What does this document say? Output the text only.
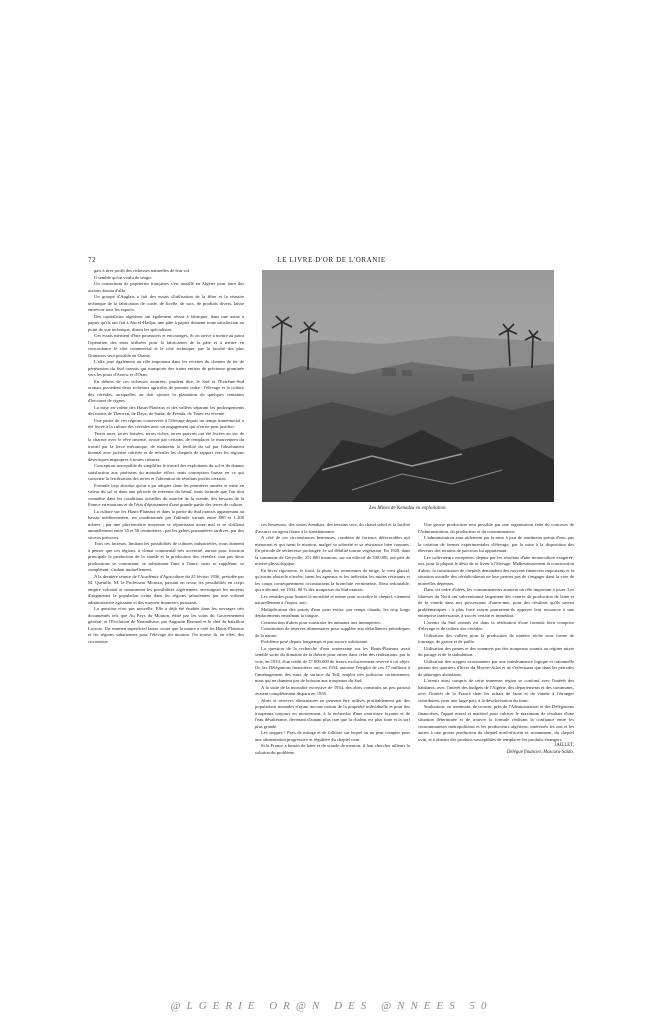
72	LE LIVRE D'OR DE L'ORANIE

gais à tirer profit des richesses naturelles de leur sol.

Il semble qu'on voulu de réagir.

Un consortium de papeteries françaises s'est installé en Algérie pour faire des actions drouta d'alfa.

Un groupe d'Anglais a fait des essais d'utilisation de la fibre et la réussite technique de la fabrication de corde, de ficelle, de sacs, de produits divers, laisse entrevoir tous les espoirs.

Des capitalistes algériens ont également réussi à fabriquer, dans une usine à papier qu'ils ont fait à Aïn-el-Hadjar, une pâte à papier donnant toute satisfaction au point de vue technique, disent les spécialistes.

Ces essais méritent d'être poursuivis et encouragés. Si on arrive à mettre au point l'opération des eaux utilisées pour la fabrication de la pâte et à mettre en concordance le côté commercial et le côté technique, par la faculté des plus Oranaises sera possible en Oranie.

L'alfa joue également un rôle important dans les recettes du chemin de fer de pénétration du Sud oranais qui transporte des trains entiers de précieuse graminée vers les ports d'Arzew et d'Oran.

En dehors de ces richesses assurées, prudent dire, le Sud et l'Extrême-Sud oranais possèdent deux richesses agricoles de premier ordre : l'élevage et la culture des céréales, auxquelles on doit ajouter la plantation de quelques centaines d'hectares de vignes.

La mise en valeur des Hauts-Plateaux et des vallées séparant les prolongements des monts de Tlemcen, de Daya, de Saïda, de Frenda, de Tiaret est récente.

Une partie de ces régions conservées à l'élevage depuis un temps immémorial a été livrée à la culture des céréales avec un engagement qui n'en ne peut justifier.

Terres nues, terres boisées, terres riches, terres pauvres ont été livrées au soc de la charrue avec le rêve insensé, avoué par certains, de remplacer le mouvement du travail par la force mécanique, de maintenir la fertilité du sol par l'absolument biennal avec jachère cultivée et de refouler les cheptels de rapport vers les régions désertiques impropres à toutes cultures.

Conception susceptible de simplifier le travail des exploitants du sol et de donner satisfaction aux partisans du moindre effort, mais conception fausse en ce qui concerne la fertilisation des terres et l'obtention de résultats profits certains.

Formule trop absolue qu'on a pu adopter dans les premières années et mise en valeur du sol et dans une période de mévente du bétail, mais formule que l'on doit connaître dans les conditions actuelles du marché de la viande, des besoins de la France en moutons et de l'état d'épuisement d'une grande partie des terres de culture.

La culture sur les Hauts-Plateaux et dans la partie du Sud oranais appartenant au bassin méditerranéen, est conditionnée par l'altitude variant entre 800 et 1.200 mètres ; par une pluviométrie moyenne se répartissant assez mal et se chiffrant annuellement entre 35 et 50 centimètres ; par les gelées printanières tardives, par des sirocos précoces.

Tous ces facteurs, limitant les possibilités de cultures industrielles, nous donnent à penser que ces régions, à climat continental très accentué, auront pour fonction principale la production de la viande et la production des céréales, non pas deux productions se contrariant, se substituant l'une à l'autre, mais se suppléant, se complétant, s'aidant mutuellement.

A la dernière séance de l'Académie d'Agriculture du 25 février 1936, présidée par M. Queuille, M. le Professeur Moussu, passant en revue les possibilités en corps empire colonial et notamment les possibilités algériennes, envisageait les moyens d'augmenter la population ovine dans les régions sahariennes par une volonté administrative agissante et des moyens financiers puissants.

La question n'est pas nouvelle. Elle a déjà été étudiée dans les ouvrages très documentés tels que Au Pays du Mouton, édité par les soins du Gouvernement général, et l'Evolution de Nomadisme, par Augustin Bernard et le chef de bataillon Lacroix. Un examen superficiel laisse croire que la nature a créé les Hauts-Plateaux et les régions sahariennes pour l'élevage du mouton. On trouve là, en effet, des circonstan-

Les Mines de Kenadza en exploitation.

ces heureuses, des vastes étendues, des terrains secs, du chaud soleil et la facilité d'assurer un agent fixant à la transhumance.

A côté de ces circonstances heureuses, combien de facteurs défavorables qui menacent et qui tuent le mouton, malgré sa sobriété et sa résistance bien connues. En période de sécheresse prolongée, le sol débilité tourne végétation. En 1920, dans la commune de Géryville, 251.000 moutons, sur un effectif de 538.000, ont péri de misère physiologique.

En hiver rigoureux, le froid, la pluie, les tourmentes de neige, le vent glacial, qu'aucun obstacle n'arrête, tuent les agneaux et les individus les moins résistants et les coups conséquemment occasionnent la bronchite vermineuse, fléau redoutable, qui a décimé, en 1934, 80 % des troupeaux du Sud oranais.

Les remèdes pour limiter la mortalité et même pour accroître le cheptel, viennent naturellement à l'esprit, soit :

Multiplication des points d'eau pour éviter, par temps chauds, les trop longs déplacements entraînant la fatigue.

Construction d'abris pour soustraire les animaux aux intempéries.

Constitution de réserves alimentaires pour suppléer aux défaillances périodiques de la nature.

Problème posé depuis longtemps et pas encore solutionné.

La question de la recherche d'eau souterraine sur les Hauts-Plateaux avait semblé sortir du domaine de la théorie pour entrer dans celui des réalisations, par le vote, en 1933, d'un crédit de 17.000.000 de francs exclusivement réservé à cet objet. Or, les Délégations financières ont, en 1934, autorisé l'emploi de ces 17 millions à l'aménagement des eaux de surface du Tell, emploi très judicieux certainement, mais qui ne donnera pas de boisson aux troupeaux du Sud.

A la suite de la mortalité excessive de 1934, des abris construits un peu partout avaient complètement disparu en 1935.

Abris et réserves alimentaires ne peuvent être utilisés profitablement par des populations nomades n'ayant aucune notion de la propriété individuelle et pour des troupeaux toujours en mouvement, à la recherche d'une nourriture fuyante et de l'eau désaltérante, devenant d'autant plus rare que la chaleur est plus forte et la soif plus grande.

Les steppes ! Pays de mirage et de folklore sur lequel on ne peut compter pour une alimentation progressive et régulière du cheptel ovin.

Si la France a besoin de laine et de viande de mouton, il faut chercher ailleurs la solution du problème.

Une grosse production sera possible par une organisation faite du concours de l'Administration, du producteur et du consommateur.

L'administration aura utilement par la mise à jour de nombreux points d'eau, par la création de fermes expérimentales d'élevage, par la mise à la disposition des éleveurs des terrains de parcours lui appartenant.

Les cultivateurs européens, depuis par les résultats d'une monoculture exagérée, ont, pour la plupart le désir de se livrer à l'élevage. Malheureusement la construction d'abris, la constitution de cheptels demandent des moyens financiers importants et la situation actuelle des céréaliculteurs ne leur permet pas de s'engager dans la voie de nouvelles dépenses.

Dans cet ordre d'idées, les consommateurs auraient un rôle important à jouer. Les filateurs du Nord ont subventionné largement des centres de production de laine et de la viande dans nos possessions d'outre-mer, pour des résultats qu'ils savent problématiques ; à plus forte raison pourraient-ils appuyer leur ressource à une entreprise intéressante, à succès certain et immédiat.

L'avenir du Sud oranais est dans la réalisation d'une formule bien comprise d'élevage et de culture des céréales.

Utilisation des vallées pour la production de matière sèche sous forme de fourrage, de grains et de paille.

Utilisation des pentes et des sommets par des troupeaux soumis au régime mixte du pacage et de la stabulation.

Utilisation des steppes avoisinantes par une transhumance logique et rationnelle partant des quartiers d'hiver du Moyen-Atlas et ne s'effectuant que dans les périodes de pâturages abondants.

L'avenir ainsi compris de cette immense région se confond avec l'intérêt des habitants, avec l'intérêt des budgets de l'Algérie, des départements et des communes, avec l'intérêt de la France dont les achats de laine et de viande à l'étranger contribuent, pour une large part, à la dévalorisation du franc.

Souhaitons, en terminant, de trouver, près de l'Administration et des Délégations financières, l'appui moral et matériel pour cultiver le maximum de résultats d'une situation déterminée et de trouver la formule réalisant la confiance entre les consommateurs métropolitains et les producteurs algériens, intéressés les uns et les autres à une grosse production du cheptel nord-africain et, notamment, du cheptel ovin, et à obtenir des produits susceptibles de remplacer les produits étrangers.

JAILLET,
Délégué financier, Mascara-Saïda.
@LGERIE OR@N DES @NNEES 50
